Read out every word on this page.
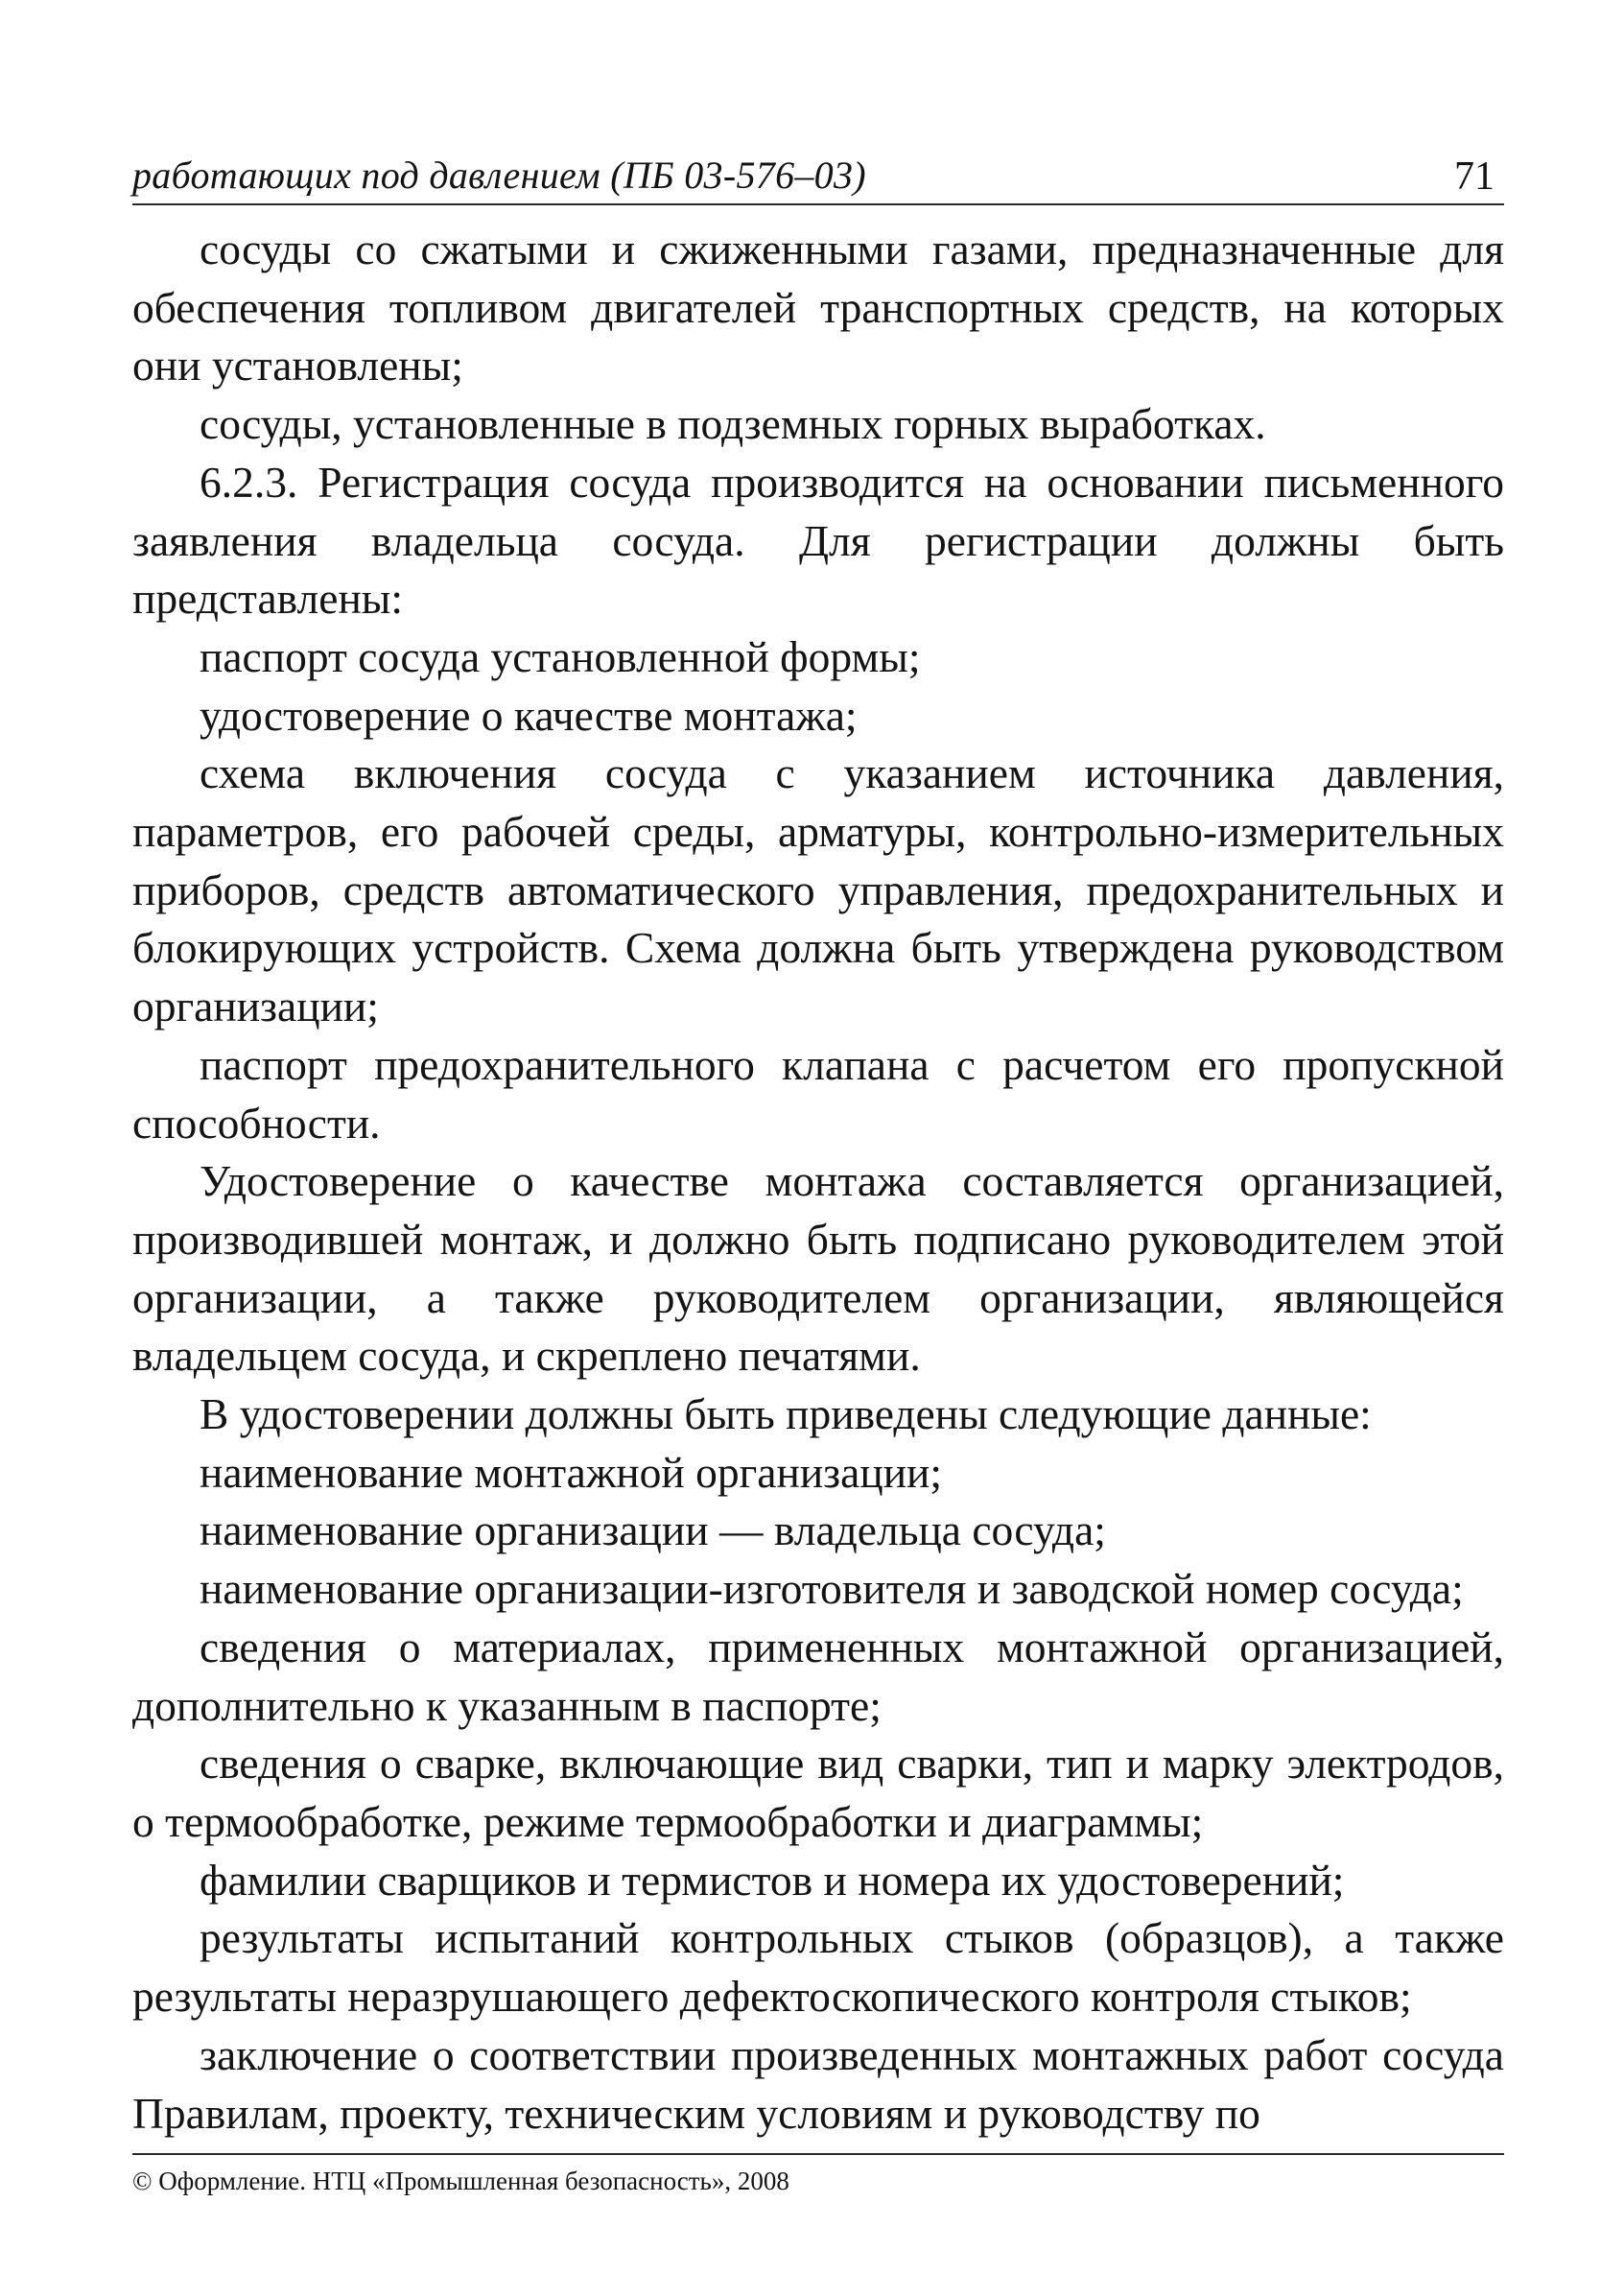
работающих под давлением (ПБ 03-576–03)	71

сосуды со сжатыми и сжиженными газами, предназначенные для обеспечения топливом двигателей транспортных средств, на которых они установлены;

сосуды, установленные в подземных горных выработках.

6.2.3. Регистрация сосуда производится на основании письменного заявления владельца сосуда. Для регистрации должны быть представлены:

паспорт сосуда установленной формы;

удостоверение о качестве монтажа;

схема включения сосуда с указанием источника давления, параметров, его рабочей среды, арматуры, контрольно-измерительных приборов, средств автоматического управления, предохранительных и блокирующих устройств. Схема должна быть утверждена руководством организации;

паспорт предохранительного клапана с расчетом его пропускной способности.

Удостоверение о качестве монтажа составляется организацией, производившей монтаж, и должно быть подписано руководителем этой организации, а также руководителем организации, являющейся владельцем сосуда, и скреплено печатями.

В удостоверении должны быть приведены следующие данные:

наименование монтажной организации;

наименование организации — владельца сосуда;

наименование организации-изготовителя и заводской номер сосуда;

сведения о материалах, примененных монтажной организацией, дополнительно к указанным в паспорте;

сведения о сварке, включающие вид сварки, тип и марку электродов, о термообработке, режиме термообработки и диаграммы;

фамилии сварщиков и термистов и номера их удостоверений;

результаты испытаний контрольных стыков (образцов), а также результаты неразрушающего дефектоскопического контроля стыков;

заключение о соответствии произведенных монтажных работ сосуда Правилам, проекту, техническим условиям и руководству по

© Оформление. НТЦ «Промышленная безопасность», 2008
